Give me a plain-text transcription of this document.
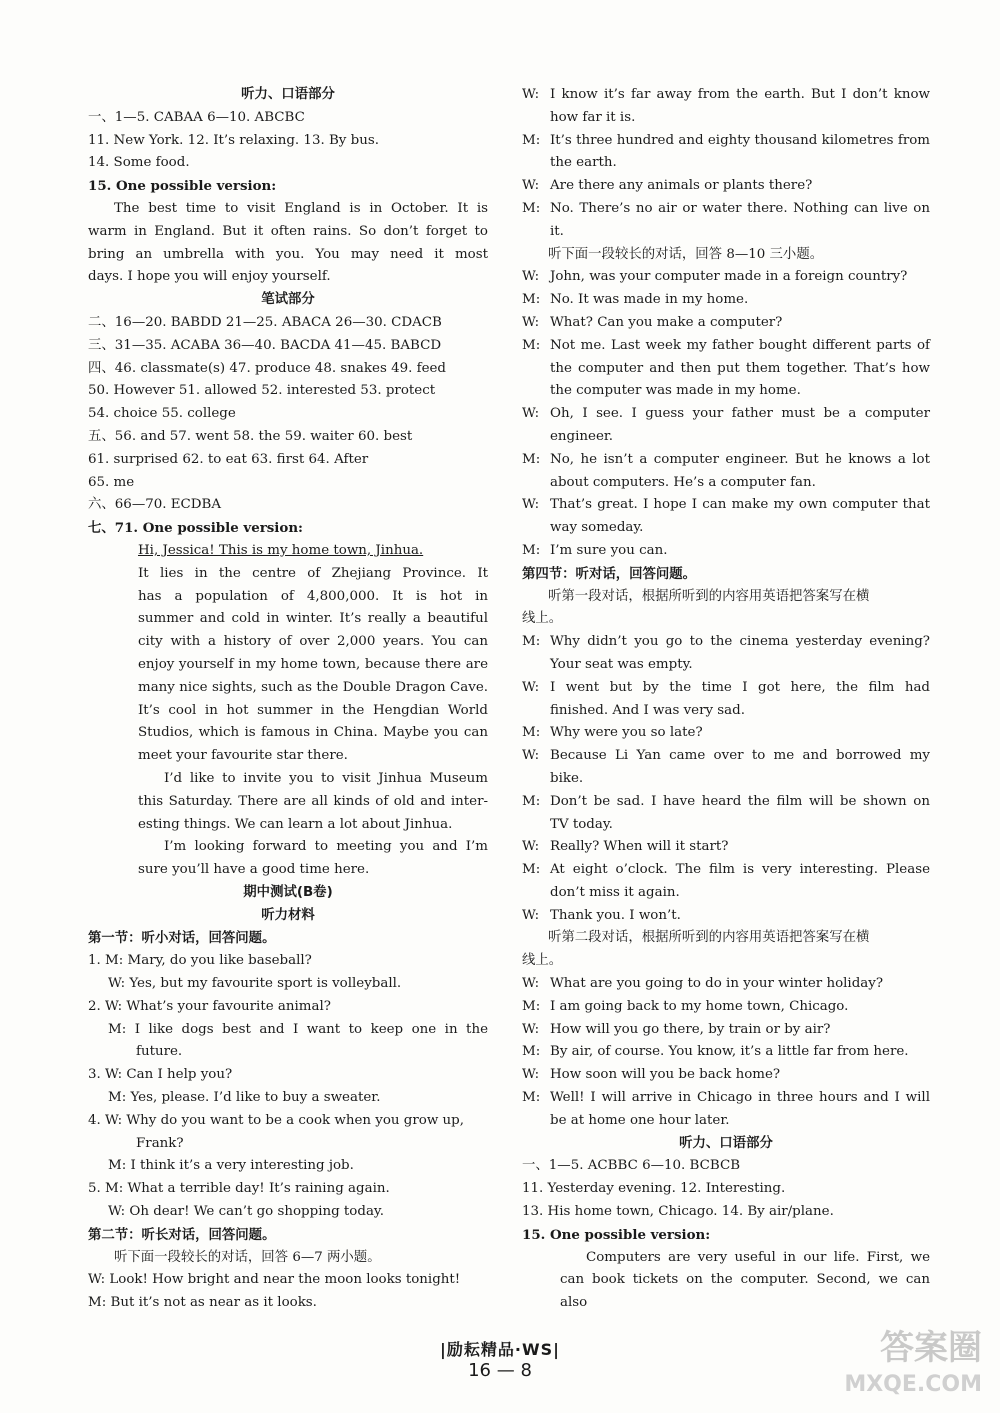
听力、口语部分
一、1—5. CABAA 6—10. ABCBC
11. New York. 12. It’s relaxing. 13. By bus.
14. Some food.
15. One possible version:
The best time to visit England is in October. It is
warm in England. But it often rains. So don’t forget to
bring an umbrella with you. You may need it most
days. I hope you will enjoy yourself.
笔试部分
二、16—20. BABDD 21—25. ABACA 26—30. CDACB
三、31—35. ACABA 36—40. BACDA 41—45. BABCD
四、46. classmate(s) 47. produce 48. snakes 49. feed
50. However 51. allowed 52. interested 53. protect
54. choice 55. college
五、56. and 57. went 58. the 59. waiter 60. best
61. surprised 62. to eat 63. first 64. After
65. me
六、66—70. ECDBA
七、71. One possible version:
Hi, Jessica! This is my home town, Jinhua.
It lies in the centre of Zhejiang Province. It
has a population of 4,800,000. It is hot in
summer and cold in winter. It’s really a beautiful
city with a history of over 2,000 years. You can
enjoy yourself in my home town, because there are
many nice sights, such as the Double Dragon Cave.
It’s cool in hot summer in the Hengdian World
Studios, which is famous in China. Maybe you can
meet your favourite star there.
I’d like to invite you to visit Jinhua Museum
this Saturday. There are all kinds of old and inter-
esting things. We can learn a lot about Jinhua.
I’m looking forward to meeting you and I’m
sure you’ll have a good time here.
期中测试(B卷)
听力材料
第一节：听小对话，回答问题。
1. M: Mary, do you like baseball?
W: Yes, but my favourite sport is volleyball.
2. W: What’s your favourite animal?
M: I like dogs best and I want to keep one in the
future.
3. W: Can I help you?
M: Yes, please. I’d like to buy a sweater.
4. W: Why do you want to be a cook when you grow up,
Frank?
M: I think it’s a very interesting job.
5. M: What a terrible day! It’s raining again.
W: Oh dear! We can’t go shopping today.
第二节：听长对话，回答问题。
听下面一段较长的对话，回答 6—7 两小题。
W: Look! How bright and near the moon looks tonight!
M: But it’s not as near as it looks.
W: I know it’s far away from the earth. But I don’t know
how far it is.
M: It’s three hundred and eighty thousand kilometres from
the earth.
W: Are there any animals or plants there?
M: No. There’s no air or water there. Nothing can live on
it.
听下面一段较长的对话，回答 8—10 三小题。
W: John, was your computer made in a foreign country?
M: No. It was made in my home.
W: What? Can you make a computer?
M: Not me. Last week my father bought different parts of
the computer and then put them together. That’s how
the computer was made in my home.
W: Oh, I see. I guess your father must be a computer
engineer.
M: No, he isn’t a computer engineer. But he knows a lot
about computers. He’s a computer fan.
W: That’s great. I hope I can make my own computer that
way someday.
M: I’m sure you can.
第四节：听对话，回答问题。
听第一段对话，根据所听到的内容用英语把答案写在横
线上。
M: Why didn’t you go to the cinema yesterday evening?
Your seat was empty.
W: I went but by the time I got here, the film had
finished. And I was very sad.
M: Why were you so late?
W: Because Li Yan came over to me and borrowed my
bike.
M: Don’t be sad. I have heard the film will be shown on
TV today.
W: Really? When will it start?
M: At eight o’clock. The film is very interesting. Please
don’t miss it again.
W: Thank you. I won’t.
听第二段对话，根据所听到的内容用英语把答案写在横
线上。
W: What are you going to do in your winter holiday?
M: I am going back to my home town, Chicago.
W: How will you go there, by train or by air?
M: By air, of course. You know, it’s a little far from here.
W: How soon will you be back home?
M: Well! I will arrive in Chicago in three hours and I will
be at home one hour later.
听力、口语部分
一、1—5. ACBBC 6—10. BCBCB
11. Yesterday evening. 12. Interesting.
13. His home town, Chicago. 14. By air/plane.
15. One possible version:
Computers are very useful in our life. First, we
can book tickets on the computer. Second, we can also
|励耘精品·WS|
16 — 8
答案圈
MXQE.COM
